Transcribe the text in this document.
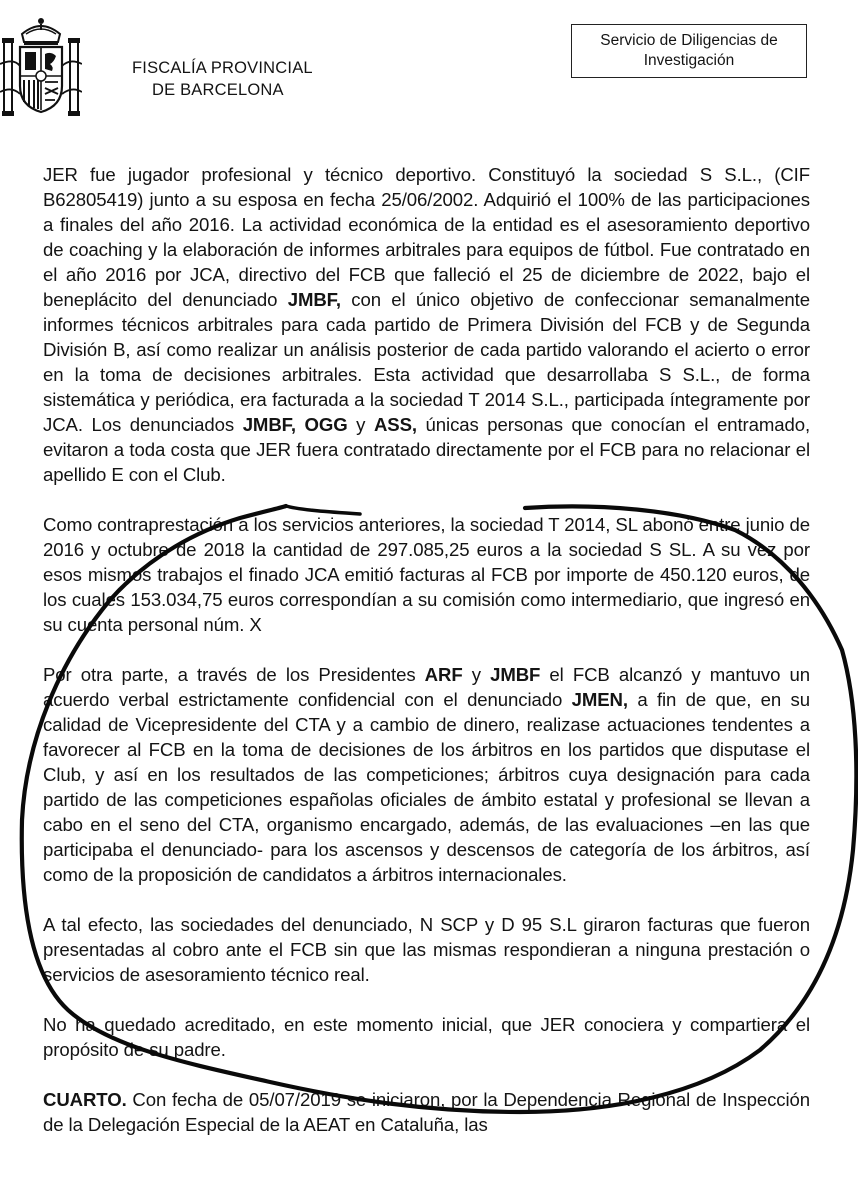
FISCALÍA PROVINCIAL
DE BARCELONA
Servicio de Diligencias de
Investigación

JER fue jugador profesional y técnico deportivo. Constituyó la sociedad S S.L., (CIF B62805419) junto a su esposa en fecha 25/06/2002. Adquirió el 100% de las participaciones a finales del año 2016. La actividad económica de la entidad es el asesoramiento deportivo de coaching y la elaboración de informes arbitrales para equipos de fútbol. Fue contratado en el año 2016 por JCA, directivo del FCB que falleció el 25 de diciembre de 2022, bajo el beneplácito del denunciado JMBF, con el único objetivo de confeccionar semanalmente informes técnicos arbitrales para cada partido de Primera División del FCB y de Segunda División B, así como realizar un análisis posterior de cada partido valorando el acierto o error en la toma de decisiones arbitrales. Esta actividad que desarrollaba S S.L., de forma sistemática y periódica, era facturada a la sociedad T 2014 S.L., participada íntegramente por JCA. Los denunciados JMBF, OGG y ASS, únicas personas que conocían el entramado, evitaron a toda costa que JER fuera contratado directamente por el FCB para no relacionar el apellido E con el Club.

Como contraprestación a los servicios anteriores, la sociedad T 2014, SL abonó entre junio de 2016 y octubre de 2018 la cantidad de 297.085,25 euros a la sociedad S SL. A su vez por esos mismos trabajos el finado JCA emitió facturas al FCB por importe de 450.120 euros, de los cuales 153.034,75 euros correspondían a su comisión como intermediario, que ingresó en su cuenta personal núm. X

Por otra parte, a través de los Presidentes ARF y JMBF el FCB alcanzó y mantuvo un acuerdo verbal estrictamente confidencial con el denunciado JMEN, a fin de que, en su calidad de Vicepresidente del CTA y a cambio de dinero, realizase actuaciones tendentes a favorecer al FCB en la toma de decisiones de los árbitros en los partidos que disputase el Club, y así en los resultados de las competiciones; árbitros cuya designación para cada partido de las competiciones españolas oficiales de ámbito estatal y profesional se llevan a cabo en el seno del CTA, organismo encargado, además, de las evaluaciones –en las que participaba el denunciado- para los ascensos y descensos de categoría de los árbitros, así como de la proposición de candidatos a árbitros internacionales.

A tal efecto, las sociedades del denunciado, N SCP y D 95 S.L giraron facturas que fueron presentadas al cobro ante el FCB sin que las mismas respondieran a ninguna prestación o servicios de asesoramiento técnico real.

No ha quedado acreditado, en este momento inicial, que JER conociera y compartiera el propósito de su padre.

CUARTO. Con fecha de 05/07/2019 se iniciaron, por la Dependencia Regional de Inspección de la Delegación Especial de la AEAT en Cataluña, las
